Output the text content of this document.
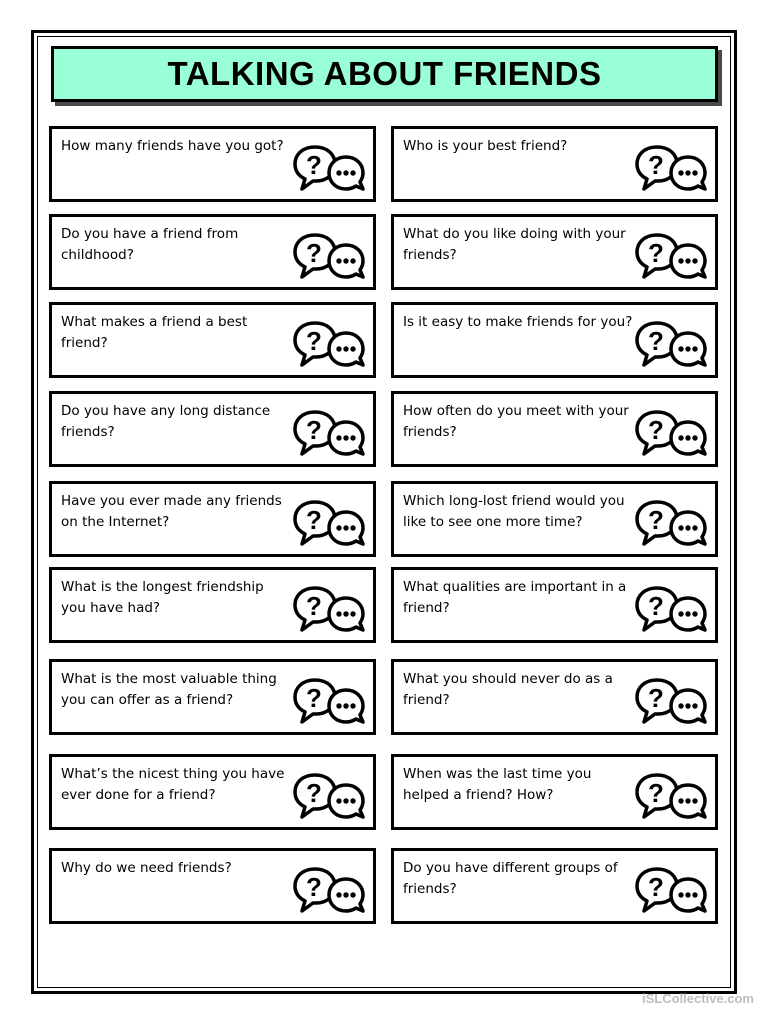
TALKING ABOUT FRIENDS
How many friends have you got?
?
Who is your best friend?
?
Do you have a friend from childhood?	?
What do you like doing with your friends?	?
What makes a friend a best friend?	?
Is it easy to make friends for you?
?
Do you have any long distance friends?	?
How often do you meet with your friends?	?
Have you ever made any friends on the Internet?	?
Which long-lost friend would you like to see one more time?	?
What is the longest friendship you have had?	?
What qualities are important in a friend?	?
What is the most valuable thing you can offer as a friend?	?
What you should never do as a friend?	?
What’s the nicest thing you have ever done for a friend?	?
When was the last time you helped a friend? How?	?
Why do we need friends?
?
Do you have different groups of friends?	?
iSLCollective.com
